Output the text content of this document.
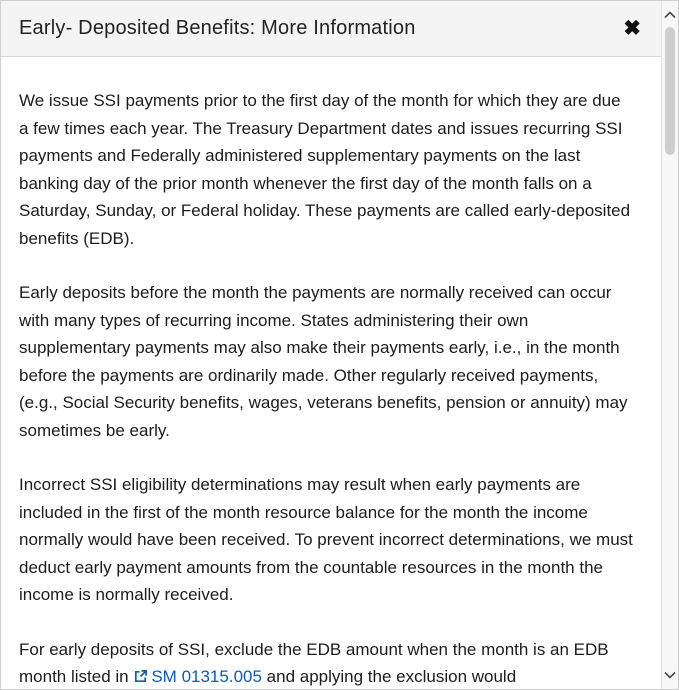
Early- Deposited Benefits: More Information	✖

We issue SSI payments prior to the first day of the month for which they are due a few times each year. The Treasury Department dates and issues recurring SSI payments and Federally administered supplementary payments on the last banking day of the prior month whenever the first day of the month falls on a Saturday, Sunday, or Federal holiday. These payments are called early-deposited benefits (EDB).

Early deposits before the month the payments are normally received can occur with many types of recurring income. States administering their own supplementary payments may also make their payments early, i.e., in the month before the payments are ordinarily made. Other regularly received payments, (e.g., Social Security benefits, wages, veterans benefits, pension or annuity) may sometimes be early.

Incorrect SSI eligibility determinations may result when early payments are included in the first of the month resource balance for the month the income normally would have been received. To prevent incorrect determinations, we must deduct early payment amounts from the countable resources in the month the income is normally received.

For early deposits of SSI, exclude the EDB amount when the month is an EDB month listed in SM 01315.005 and applying the exclusion would
